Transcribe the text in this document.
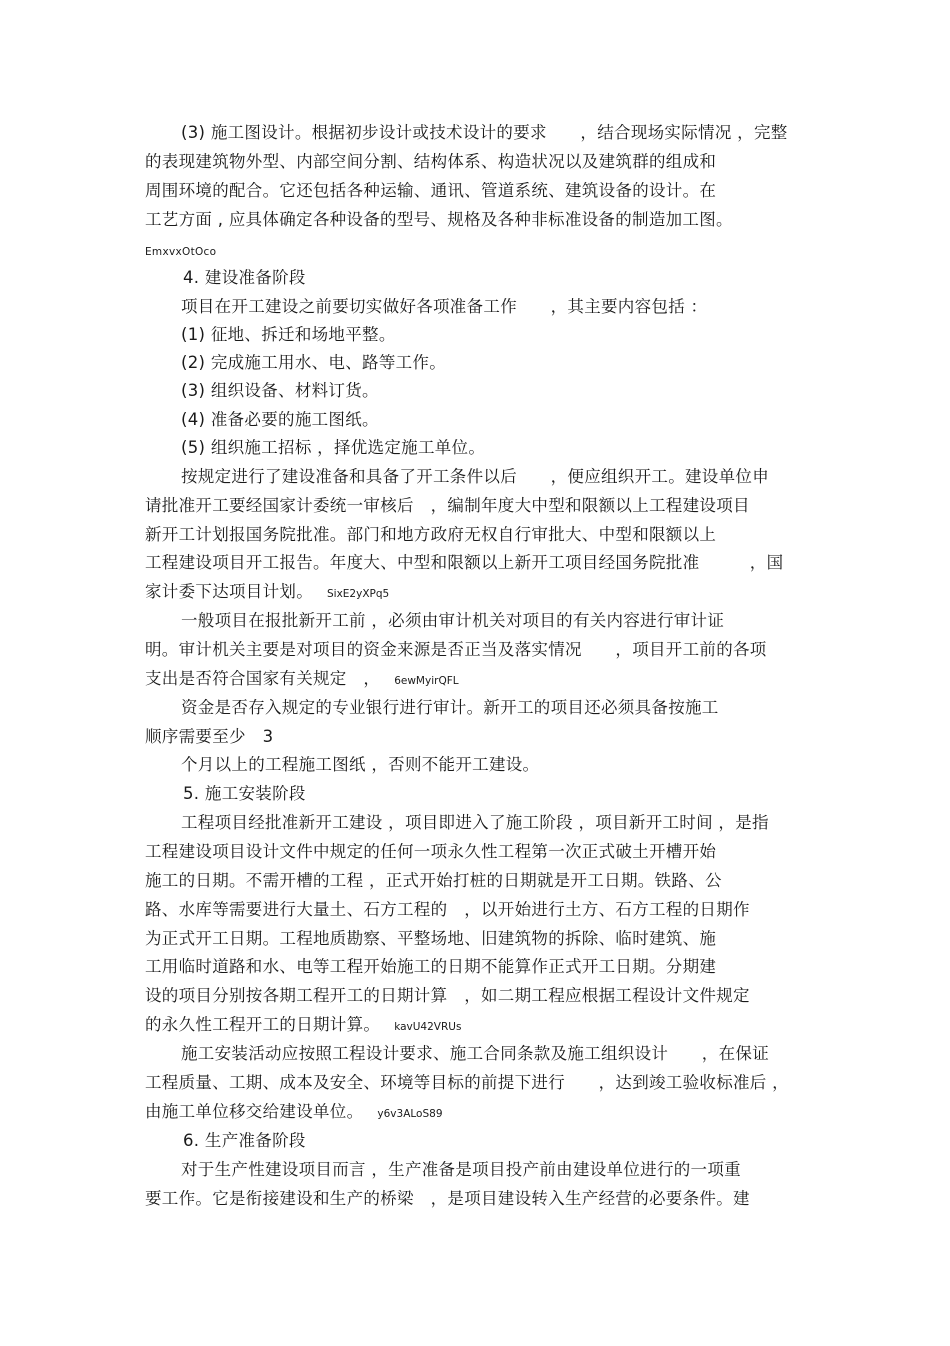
(3) 施工图设计。根据初步设计或技术设计的要求　　，结合现场实际情况 ，完整
的表现建筑物外型、内部空间分割、结构体系、构造状况以及建筑群的组成和
周围环境的配合。它还包括各种运输、通讯、管道系统、建筑设备的设计。在
工艺方面 , 应具体确定各种设备的型号、规格及各种非标准设备的制造加工图。
EmxvxOtOco
4. 建设准备阶段
项目在开工建设之前要切实做好各项准备工作　　，其主要内容包括 ：
(1) 征地、拆迁和场地平整。
(2) 完成施工用水、电、路等工作。
(3) 组织设备、材料订货。
(4) 准备必要的施工图纸。
(5) 组织施工招标 ，择优选定施工单位。
按规定进行了建设准备和具备了开工条件以后　　，便应组织开工。建设单位申
请批准开工要经国家计委统一审核后　，编制年度大中型和限额以上工程建设项目
新开工计划报国务院批准。部门和地方政府无权自行审批大、中型和限额以上
工程建设项目开工报告。年度大、中型和限额以上新开工项目经国务院批准　　　，国
家计委下达项目计划。 SixE2yXPq5
一般项目在报批新开工前 ，必须由审计机关对项目的有关内容进行审计证
明。审计机关主要是对项目的资金来源是否正当及落实情况　　，项目开工前的各项
支出是否符合国家有关规定　， 6ewMyirQFL
资金是否存入规定的专业银行进行审计。新开工的项目还必须具备按施工
顺序需要至少　3
个月以上的工程施工图纸 ，否则不能开工建设。
5. 施工安装阶段
工程项目经批准新开工建设 ，项目即进入了施工阶段 ，项目新开工时间 ，是指
工程建设项目设计文件中规定的任何一项永久性工程第一次正式破土开槽开始
施工的日期。不需开槽的工程 ，正式开始打桩的日期就是开工日期。铁路、公
路、水库等需要进行大量土、石方工程的　，以开始进行土方、石方工程的日期作
为正式开工日期。工程地质勘察、平整场地、旧建筑物的拆除、临时建筑、施
工用临时道路和水、电等工程开始施工的日期不能算作正式开工日期。分期建
设的项目分别按各期工程开工的日期计算　，如二期工程应根据工程设计文件规定
的永久性工程开工的日期计算。 kavU42VRUs
施工安装活动应按照工程设计要求、施工合同条款及施工组织设计　　，在保证
工程质量、工期、成本及安全、环境等目标的前提下进行　　，达到竣工验收标准后 ，
由施工单位移交给建设单位。 y6v3ALoS89
6. 生产准备阶段
对于生产性建设项目而言 ，生产准备是项目投产前由建设单位进行的一项重
要工作。它是衔接建设和生产的桥梁　，是项目建设转入生产经营的必要条件。建
